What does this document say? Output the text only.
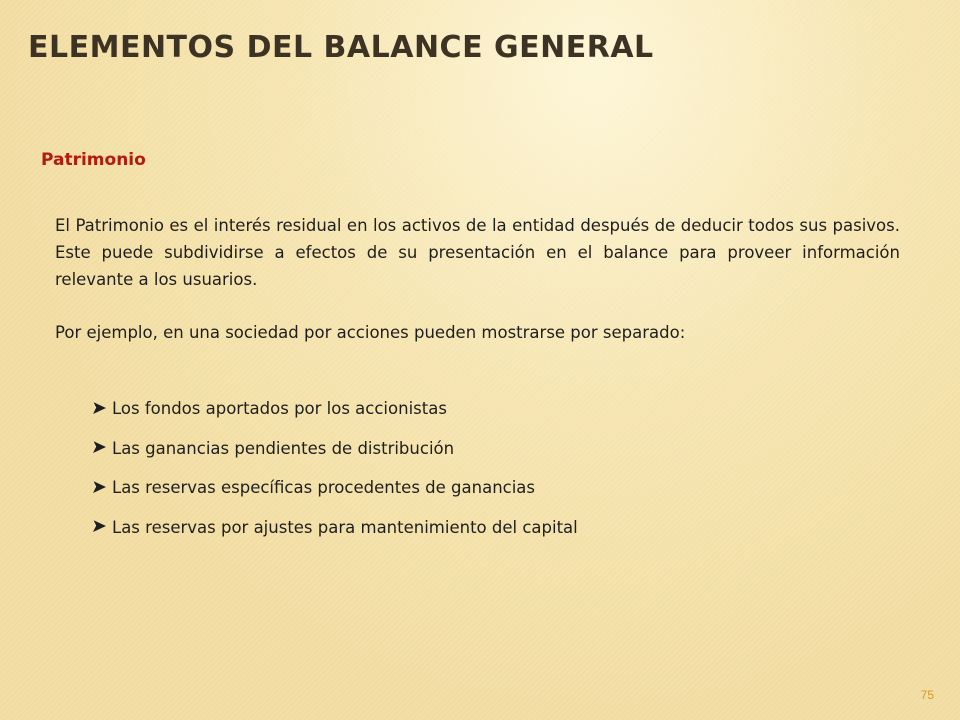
ELEMENTOS DEL BALANCE GENERAL
Patrimonio

El Patrimonio es el interés residual en los activos de la entidad después de deducir todos sus pasivos. Este puede subdividirse a efectos de su presentación en el balance para proveer información relevante a los usuarios.

Por ejemplo, en una sociedad por acciones pueden mostrarse por separado:

Los fondos aportados por los accionistas
Las ganancias pendientes de distribución
Las reservas específicas procedentes de ganancias
Las reservas por ajustes para mantenimiento del capital
75
